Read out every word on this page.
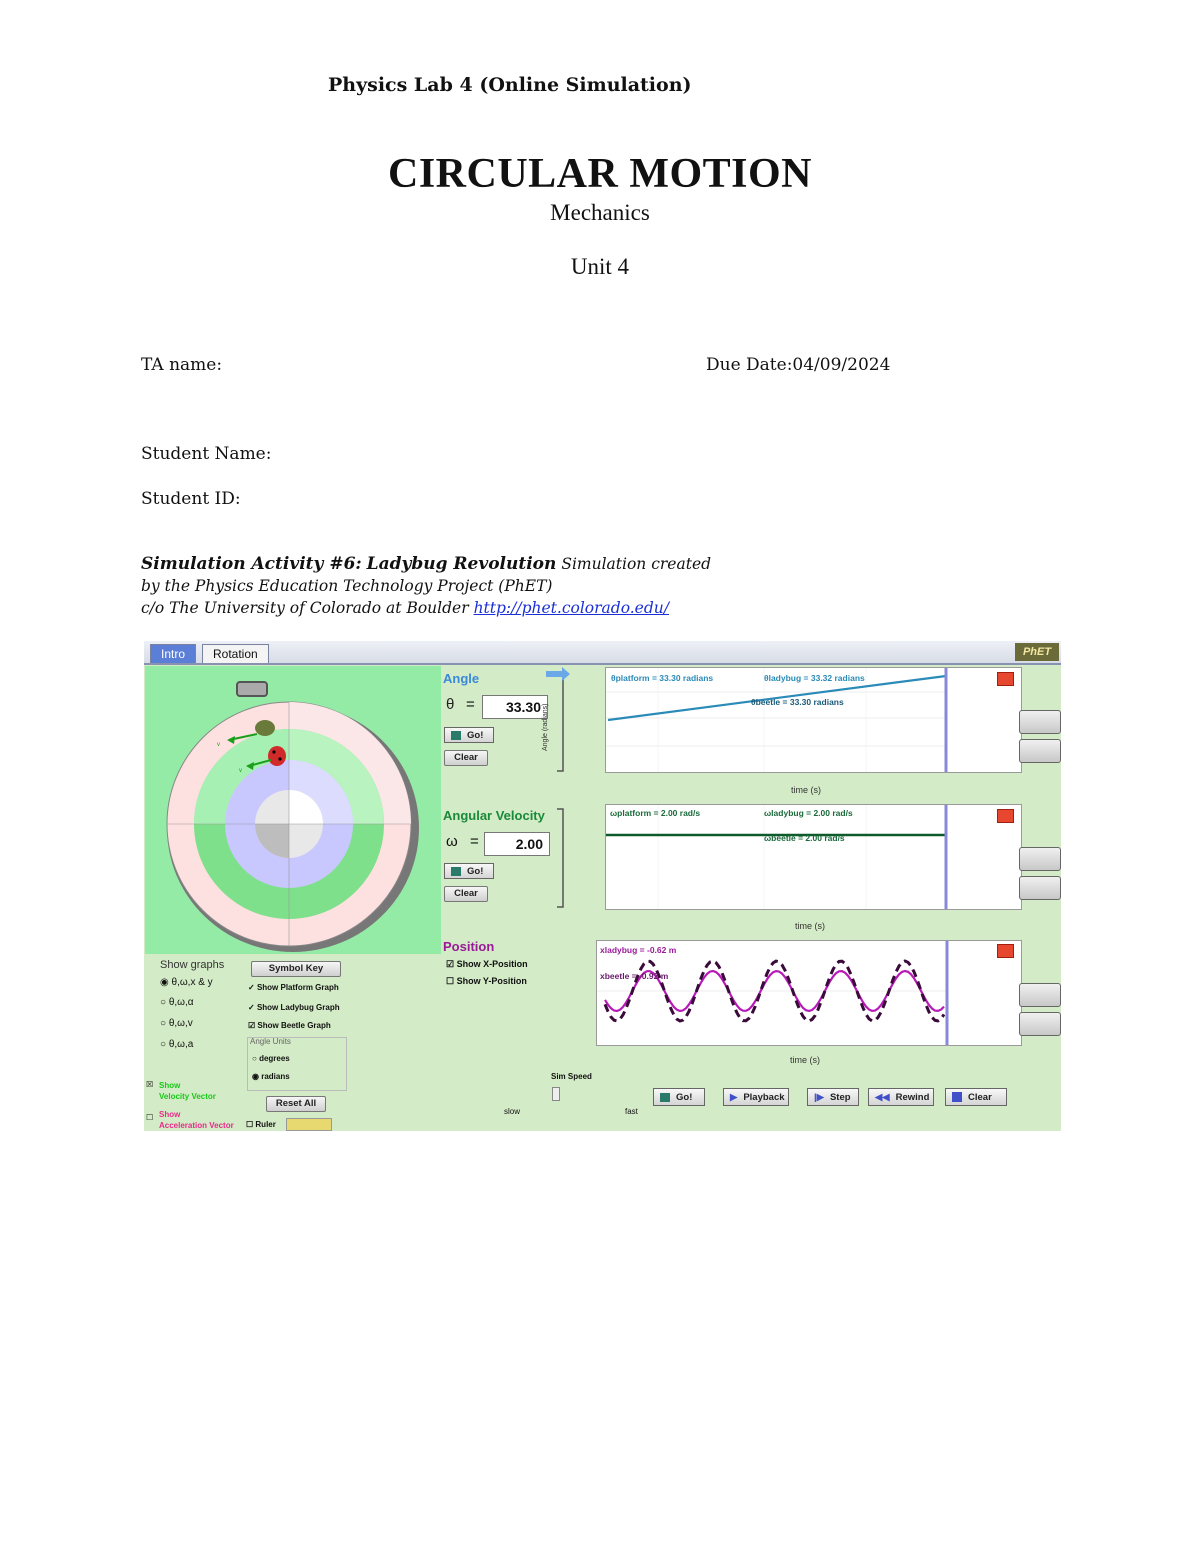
Physics Lab 4 (Online Simulation)
CIRCULAR MOTION
Mechanics
Unit 4
TA name:	Due Date:04/09/2024
Student Name:
Student ID:
Simulation Activity #6: Ladybug Revolution Simulation created
by the Physics Education Technology Project (PhET)
c/o The University of Colorado at Boulder http://phet.colorado.edu/
Intro	Rotation	PhET
v
v
Angle
θ =	33.30
Go!
Clear
θplatform = 33.30 radians	θladybug = 33.32 radians
θbeetle = 33.30 radians
time (s)
Angle (radians)
Angular Velocity
ω =	2.00
Go!
Clear
ωplatform = 2.00 rad/s	ωladybug = 2.00 rad/s
ωbeetle = 2.00 rad/s
time (s)
Position
☑ Show X-Position
☐ Show Y-Position
xladybug = -0.62 m
xbeetle = -0.92 m
time (s)
Show graphs	Symbol Key
◉ θ,ω,x & y
○ θ,ω,α
○ θ,ω,v
○ θ,ω,a
✓ Show Platform Graph
✓ Show Ladybug Graph
☑ Show Beetle Graph
Angle Units
○ degrees
◉ radians
Reset All
☒ Show
Velocity Vector
☐ Show
Acceleration Vector ☐ Ruler
Sim Speed
slow	fast
Go!	▶ Playback	|▶ Step	◀◀ Rewind	Clear
